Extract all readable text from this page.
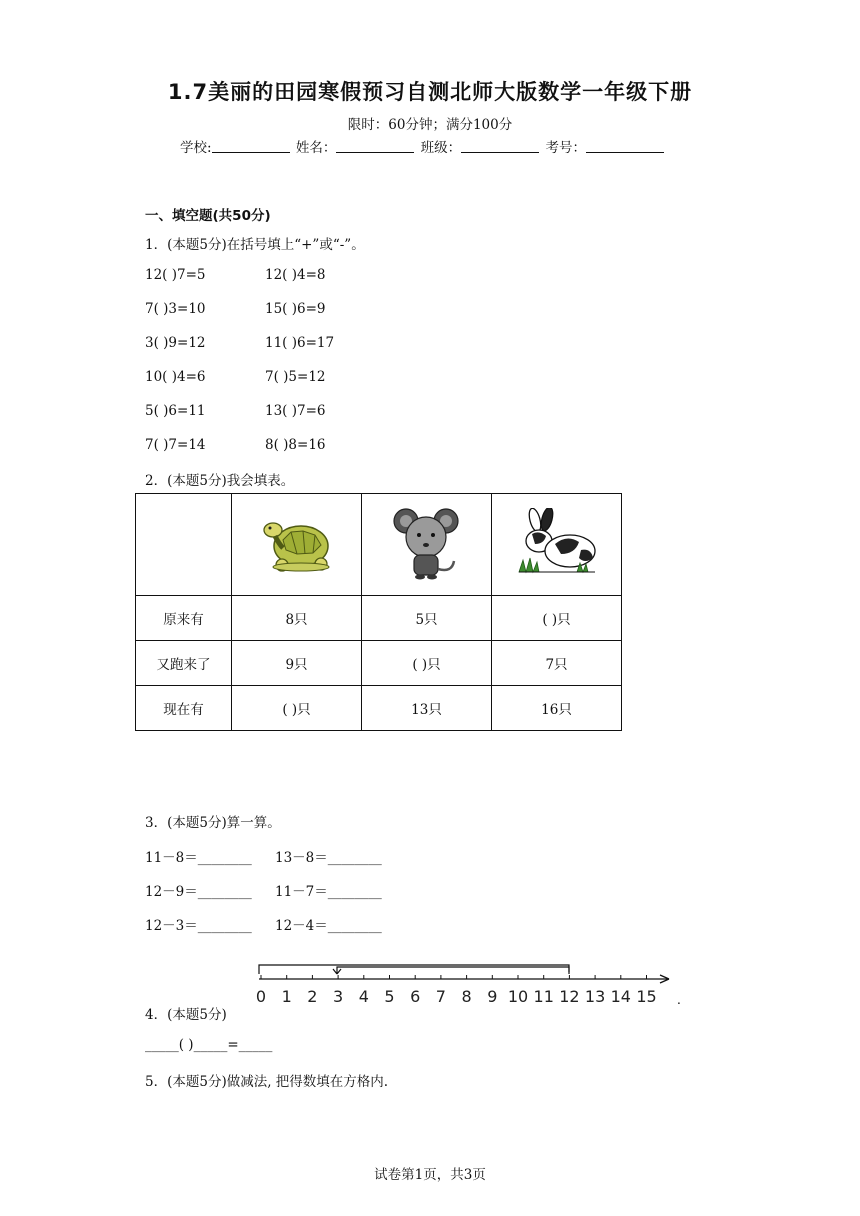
1.7美丽的田园寒假预习自测北师大版数学一年级下册
限时：60分钟；满分100分
学校:	姓名：	班级：	考号：
一、填空题(共50分)
1．(本题5分)在括号填上“+”或“-”。
12( )7=5	12( )4=8
7( )3=10	15( )6=9
3( )9=12	11( )6=17
10( )4=6	7( )5=12
5( )6=11	13( )7=6
7( )7=14	8( )8=16
2．(本题5分)我会填表。

原来有	8只	5只	( )只
又跑来了	9只	( )只	7只
现在有	( )只	13只	16只
3．(本题5分)算一算。
11－8＝________ 13－8＝________
12－9＝________ 11－7＝________
12－3＝________ 12－4＝________
0 1 2 3 4 5 6 7 8 9 10 11 12 13 14 15 .
4．(本题5分)
_____( )_____=_____
5．(本题5分)做减法, 把得数填在方格内.
试卷第1页，共3页
